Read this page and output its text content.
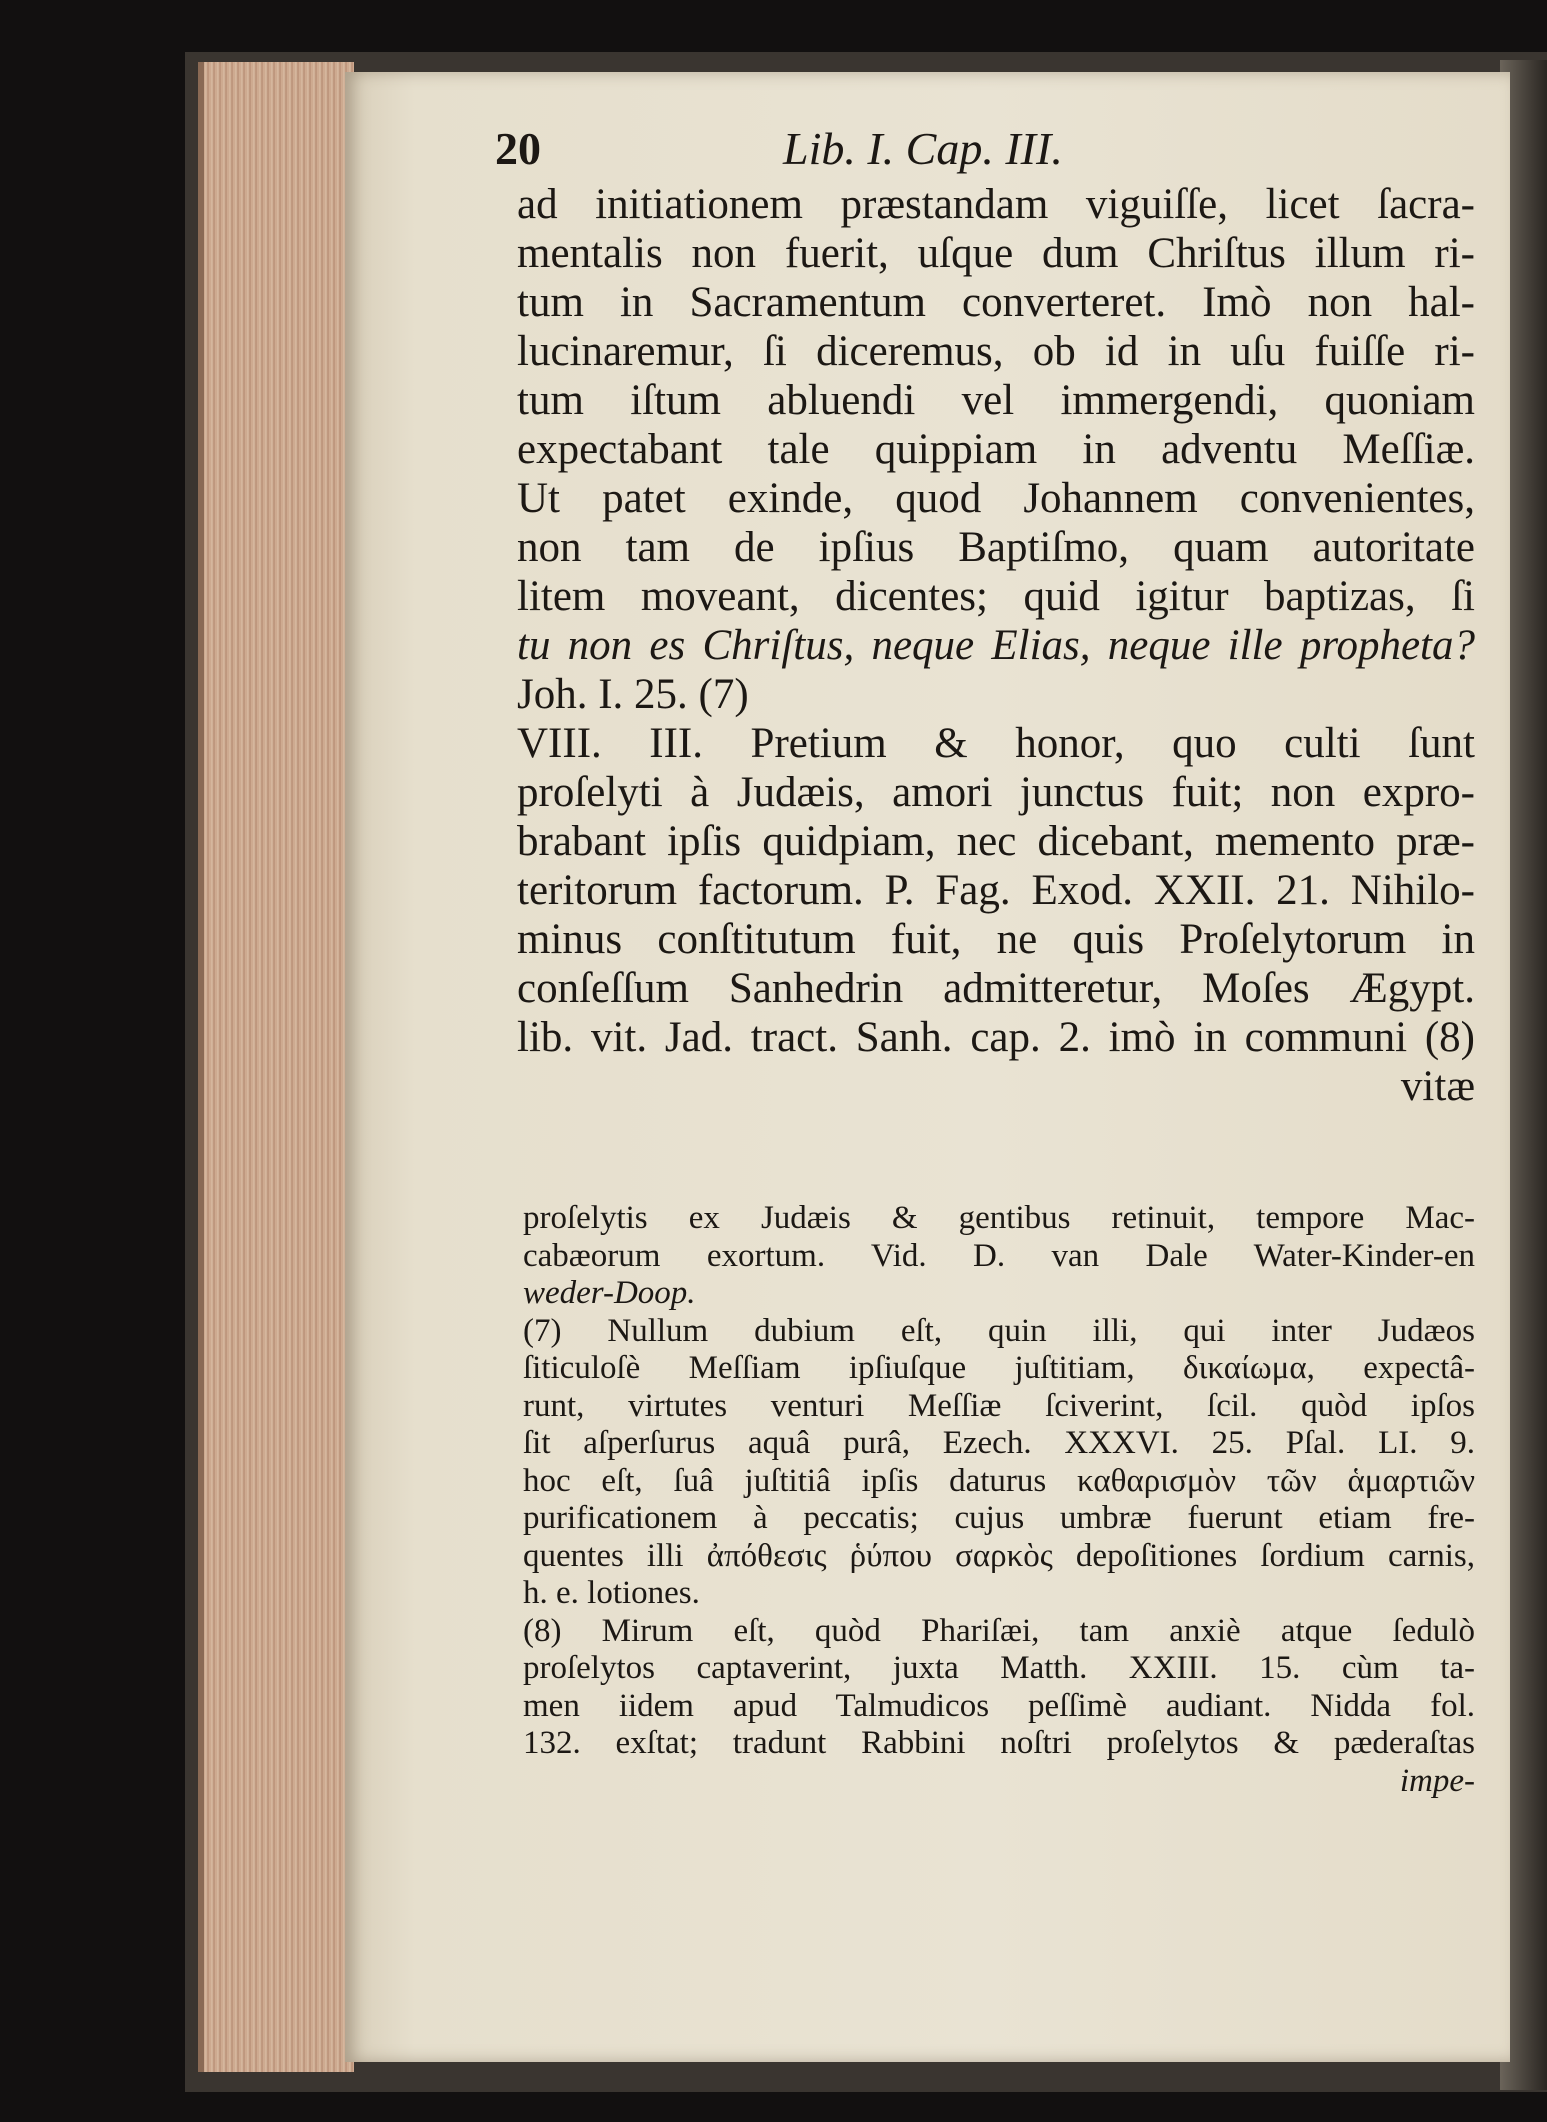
20	Lib. I. Cap. III.
ad initiationem præstandam viguiſſe, licet ſacra-
mentalis non fuerit, uſque dum Chriſtus illum ri-
tum in Sacramentum converteret. Imò non hal-
lucinaremur, ſi diceremus, ob id in uſu fuiſſe ri-
tum iſtum abluendi vel immergendi, quoniam
expectabant tale quippiam in adventu Meſſiæ.
Ut patet exinde, quod Johannem convenientes,
non tam de ipſius Baptiſmo, quam autoritate
litem moveant, dicentes; quid igitur baptizas, ſi
tu non es Chriſtus, neque Elias, neque ille propheta?
Joh. I. 25. (7)
VIII. III. Pretium & honor, quo culti ſunt
proſelyti à Judæis, amori junctus fuit; non expro-
brabant ipſis quidpiam, nec dicebant, memento præ-
teritorum factorum. P. Fag. Exod. XXII. 21. Nihilo-
minus conſtitutum fuit, ne quis Proſelytorum in
conſeſſum Sanhedrin admitteretur, Moſes Ægypt.
lib. vit. Jad. tract. Sanh. cap. 2. imò in communi (8)
vitæ
proſelytis ex Judæis & gentibus retinuit, tempore Mac-
cabæorum exortum. Vid. D. van Dale Water-Kinder-en
weder-Doop.
(7) Nullum dubium eſt, quin illi, qui inter Judæos
ſiticuloſè Meſſiam ipſiuſque juſtitiam, δικαίωμα, expectâ-
runt, virtutes venturi Meſſiæ ſciverint, ſcil. quòd ipſos
ſit aſperſurus aquâ purâ, Ezech. XXXVI. 25. Pſal. LI. 9.
hoc eſt, ſuâ juſtitiâ ipſis daturus καθαρισμὸν τῶν ἁμαρτιῶν
purificationem à peccatis; cujus umbræ fuerunt etiam fre-
quentes illi ἀπόθεσις ῥύπου σαρκὸς depoſitiones ſordium carnis,
h. e. lotiones.
(8) Mirum eſt, quòd Phariſæi, tam anxiè atque ſedulò
proſelytos captaverint, juxta Matth. XXIII. 15. cùm ta-
men iidem apud Talmudicos peſſimè audiant. Nidda fol.
132. exſtat; tradunt Rabbini noſtri proſelytos & pæderaſtas
impe-
